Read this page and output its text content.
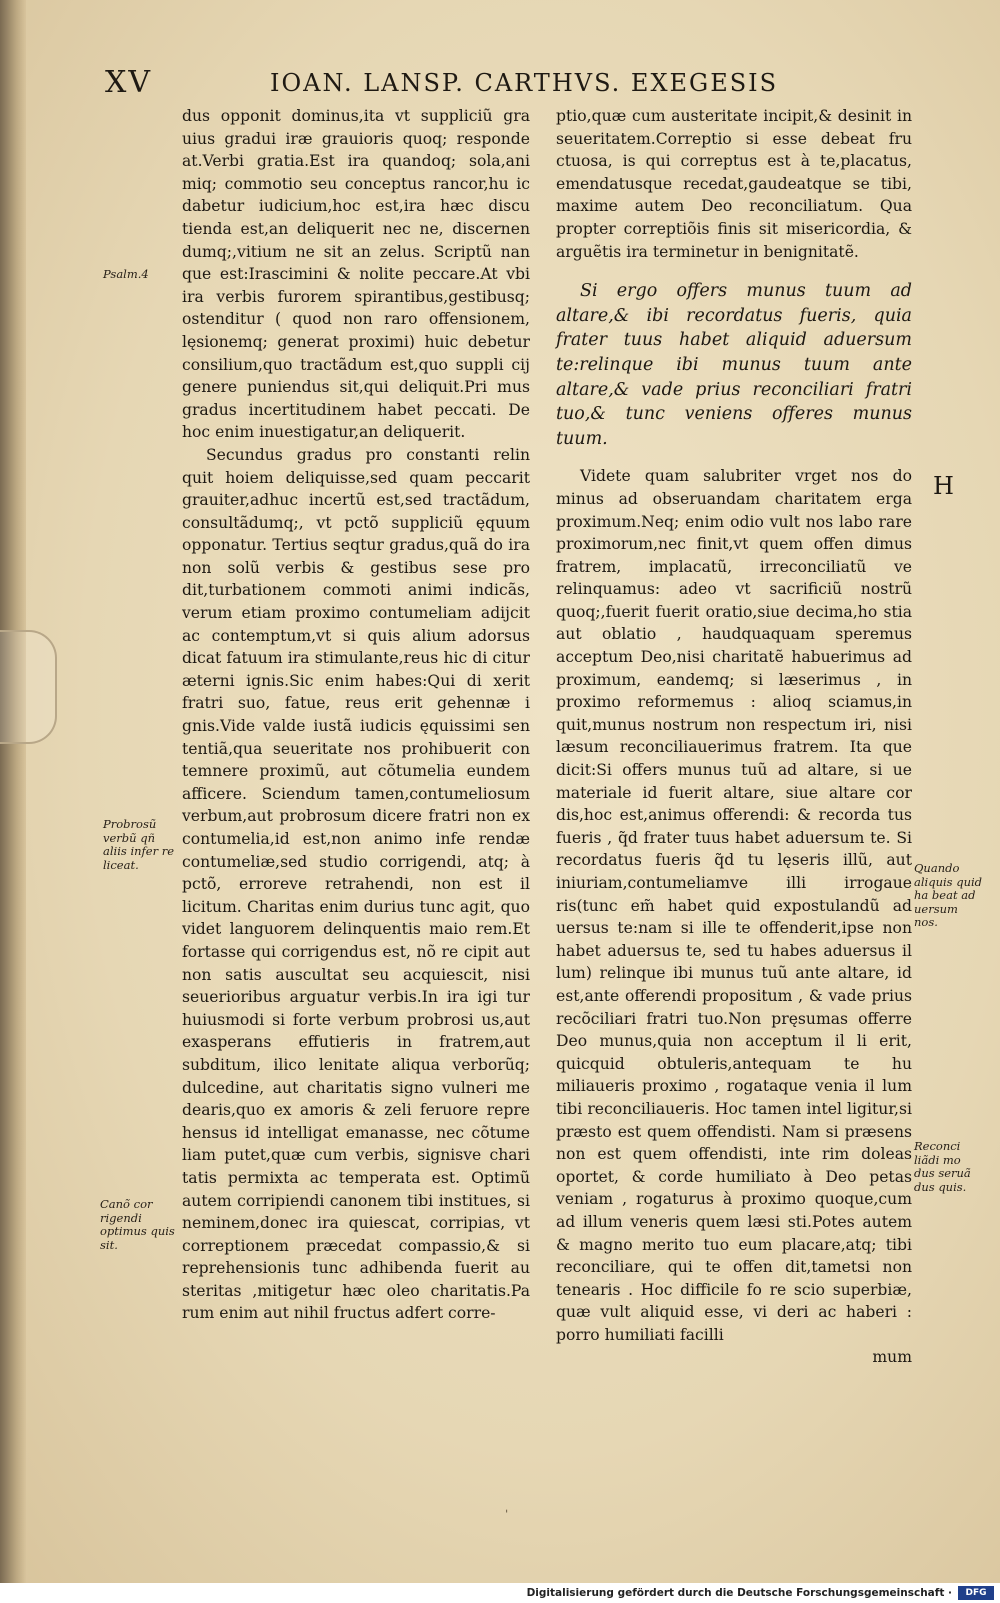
XV	IOAN. LANSP. CARTHVS. EXEGESIS

dus opponit dominus,ita vt suppliciũ gra uius gradui iræ grauioris quoq; responde at.Verbi gratia.Est ira quandoq; sola,ani miq; commotio seu conceptus rancor,hu ic dabetur iudicium,hoc est,ira hæc discu tienda est,an deliquerit nec ne, discernen dumq;,vitium ne sit an zelus. Scriptũ nan que est:Irascimini & nolite peccare.At vbi ira verbis furorem spirantibus,gestibusq; ostenditur ( quod non raro offensionem, lęsionemq; generat proximi) huic debetur consilium,quo tractãdum est,quo suppli cij genere puniendus sit,qui deliquit.Pri mus gradus incertitudinem habet peccati. De hoc enim inuestigatur,an deliquerit.

Secundus gradus pro constanti relin quit hoiem deliquisse,sed quam peccarit grauiter,adhuc incertũ est,sed tractãdum, consultãdumq;, vt pctõ suppliciũ ęquum opponatur. Tertius seqtur gradus,quã do ira non solũ verbis & gestibus sese pro dit,turbationem commoti animi indicãs, verum etiam proximo contumeliam adijcit ac contemptum,vt si quis alium adorsus dicat fatuum ira stimulante,reus hic di citur æterni ignis.Sic enim habes:Qui di xerit fratri suo, fatue, reus erit gehennæ i gnis.Vide valde iustã iudicis ęquissimi sen tentiã,qua seueritate nos prohibuerit con temnere proximũ, aut cõtumelia eundem afficere. Sciendum tamen,contumeliosum verbum,aut probrosum dicere fratri non ex contumelia,id est,non animo infe rendæ contumeliæ,sed studio corrigendi, atq; à pctõ, erroreve retrahendi, non est il licitum. Charitas enim durius tunc agit, quo videt languorem delinquentis maio rem.Et fortasse qui corrigendus est, nõ re cipit aut non satis auscultat seu acquiescit, nisi seuerioribus arguatur verbis.In ira igi tur huiusmodi si forte verbum probrosi us,aut exasperans effutieris in fratrem,aut subditum, ilico lenitate aliqua verborũq; dulcedine, aut charitatis signo vulneri me dearis,quo ex amoris & zeli feruore repre hensus id intelligat emanasse, nec cõtume liam putet,quæ cum verbis, signisve chari tatis permixta ac temperata est. Optimũ autem corripiendi canonem tibi institues, si neminem,donec ira quiescat, corripias, vt correptionem præcedat compassio,& si reprehensionis tunc adhibenda fuerit au steritas ,mitigetur hæc oleo charitatis.Pa rum enim aut nihil fructus adfert corre-

ptio,quæ cum austeritate incipit,& desinit in seueritatem.Correptio si esse debeat fru ctuosa, is qui correptus est à te,placatus, emendatusque recedat,gaudeatque se tibi, maxime autem Deo reconciliatum. Qua propter correptiõis finis sit misericordia, & arguẽtis ira terminetur in benignitatẽ.

Si ergo offers munus tuum ad altare,& ibi recordatus fueris, quia frater tuus habet aliquid aduersum te:relinque ibi munus tuum ante altare,& vade prius reconciliari fratri tuo,& tunc veniens offeres munus tuum.

Videte quam salubriter vrget nos do minus ad obseruandam charitatem erga proximum.Neq; enim odio vult nos labo rare proximorum,nec finit,vt quem offen dimus fratrem, implacatũ, irreconciliatũ ve relinquamus: adeo vt sacrificiũ nostrũ quoq;,fuerit fuerit oratio,siue decima,ho stia aut oblatio , haudquaquam speremus acceptum Deo,nisi charitatẽ habuerimus ad proximum, eandemq; si læserimus , in proximo reformemus : alioq sciamus,in quit,munus nostrum non respectum iri, nisi læsum reconciliauerimus fratrem. Ita que dicit:Si offers munus tuũ ad altare, si ue materiale id fuerit altare, siue altare cor dis,hoc est,animus offerendi: & recorda tus fueris , q̃d frater tuus habet aduersum te. Si recordatus fueris q̃d tu lęseris illũ, aut iniuriam,contumeliamve illi irrogaue ris(tunc em̃ habet quid expostulandũ ad uersus te:nam si ille te offenderit,ipse non habet aduersus te, sed tu habes aduersus il lum) relinque ibi munus tuũ ante altare, id est,ante offerendi propositum , & vade prius recõciliari fratri tuo.Non pręsumas offerre Deo munus,quia non acceptum il li erit, quicquid obtuleris,antequam te hu miliaueris proximo , rogataque venia il lum tibi reconciliaueris. Hoc tamen intel ligitur,si præsto est quem offendisti. Nam si præsens non est quem offendisti, inte rim doleas oportet, & corde humiliato à Deo petas veniam , rogaturus à proximo quoque,cum ad illum veneris quem læsi sti.Potes autem & magno merito tuo eum placare,atq; tibi reconciliare, qui te offen dit,tametsi non tenearis . Hoc difficile fo re scio superbiæ, quæ vult aliquid esse, vi deri ac haberi : porro humiliati facilli

mum

Psalm.4
Probrosũ verbũ qñ aliis infer re liceat.
Canõ cor rigendi optimus quis sit.
Quando aliquis quid ha beat ad uersum nos.
Reconci liãdi mo dus seruã dus quis.
H
ˌ
Digitalisierung gefördert durch die Deutsche Forschungsgemeinschaft ·	DFG
